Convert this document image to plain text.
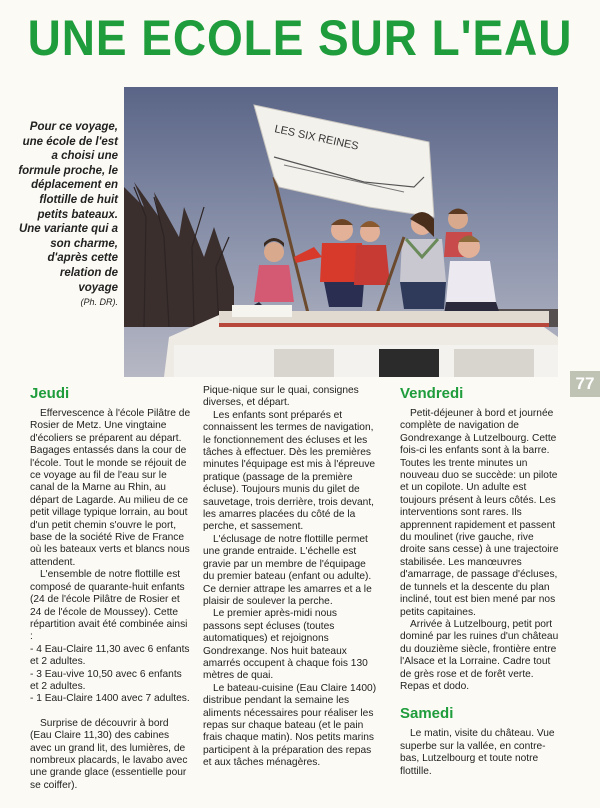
UNE ECOLE SUR L'EAU
Pour ce voyage, une école de l'est a choisi une formule proche, le déplacement en flottille de huit petits bateaux. Une variante qui a son charme, d'après cette relation de voyage
(Ph. DR).
LES SIX REINES
77
Jeudi

Effervescence à l'école Pilâtre de Rosier de Metz. Une vingtaine d'écoliers se préparent au départ. Bagages entassés dans la cour de l'école. Tout le monde se réjouit de ce voyage au fil de l'eau sur le canal de la Marne au Rhin, au départ de Lagarde. Au milieu de ce petit village typique lorrain, au bout d'un petit chemin s'ouvre le port, base de la société Rive de France où les bateaux verts et blancs nous attendent.

L'ensemble de notre flottille est composé de quarante-huit enfants (24 de l'école Pilâtre de Rosier et 24 de l'école de Moussey). Cette répartition avait été combinée ainsi :

- 4 Eau-Claire 11,30 avec 6 enfants et 2 adultes.

- 3 Eau-vive 10,50 avec 6 enfants et 2 adultes.

- 1 Eau-Claire 1400 avec 7 adultes.

Surprise de découvrir à bord (Eau Claire 11,30) des cabines avec un grand lit, des lumières, de nombreux placards, le lavabo avec une grande glace (essentielle pour se coiffer).

Pique-nique sur le quai, consignes diverses, et départ.

Les enfants sont préparés et connaissent les termes de navigation, le fonctionnement des écluses et les tâches à effectuer. Dès les premières minutes l'équipage est mis à l'épreuve pratique (passage de la première écluse). Toujours munis du gilet de sauvetage, trois derrière, trois devant, les amarres placées du côté de la perche, et sassement.

L'éclusage de notre flottille permet une grande entraide. L'échelle est gravie par un membre de l'équipage du premier bateau (enfant ou adulte). Ce dernier attrape les amarres et a le plaisir de soulever la perche.

Le premier après-midi nous passons sept écluses (toutes automatiques) et rejoignons Gondrexange. Nos huit bateaux amarrés occupent à chaque fois 130 mètres de quai.

Le bateau-cuisine (Eau Claire 1400) distribue pendant la semaine les aliments nécessaires pour réaliser les repas sur chaque bateau (et le pain frais chaque matin). Nos petits marins participent à la préparation des repas et aux tâches ménagères.

Vendredi

Petit-déjeuner à bord et journée complète de navigation de Gondrexange à Lutzelbourg. Cette fois-ci les enfants sont à la barre. Toutes les trente minutes un nouveau duo se succède: un pilote et un copilote. Un adulte est toujours présent à leurs côtés. Les interventions sont rares. Ils apprennent rapidement et passent du moulinet (rive gauche, rive droite sans cesse) à une trajectoire stabilisée. Les manœuvres d'amarrage, de passage d'écluses, de tunnels et la descente du plan incliné, tout est bien mené par nos petits capitaines.

Arrivée à Lutzelbourg, petit port dominé par les ruines d'un château du douzième siècle, frontière entre l'Alsace et la Lorraine. Cadre tout de grès rose et de forêt verte. Repas et dodo.

Samedi

Le matin, visite du château. Vue superbe sur la vallée, en contre-bas, Lutzelbourg et toute notre flottille.
